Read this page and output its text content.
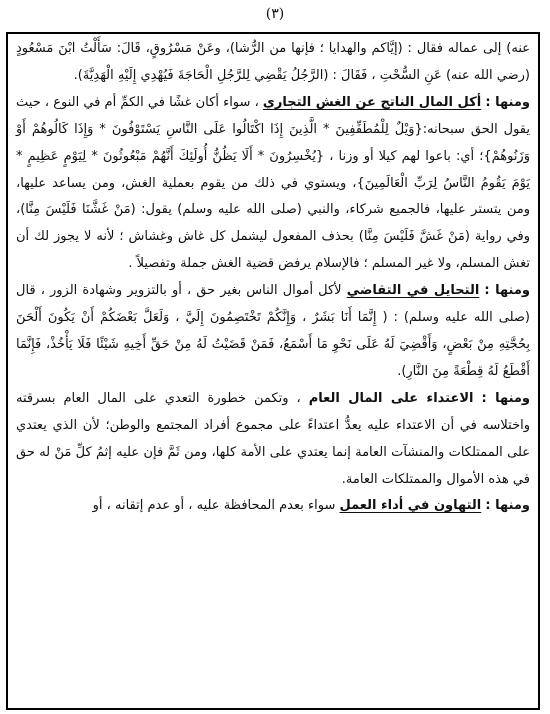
(٣)

عنه) إلى عماله فقال : (إيَّاكم والهدايا ؛ فإنها من الرُّشا)، وعَنْ مَسْرُوقٍ، قَالَ: سَأَلْتُ ابْنَ مَسْعُودٍ (رضي الله عنه) عَنِ السُّحْتِ ، فَقَالَ : (الرَّجُلُ يَقْضِي لِلرَّجُلِ الْحَاجَةَ فَيُهْدِي إِلَيْهِ الْهَدِيَّةَ).

ومنها : أكل المال الناتج عن الغش التجاري ، سواء أكان غشًا في الكمِّ أم في النوع ، حيث يقول الحق سبحانه:{وَيْلٌ لِلْمُطَفِّفِينَ * الَّذِينَ إِذَا اكْتَالُوا عَلَى النَّاسِ يَسْتَوْفُونَ * وَإِذَا كَالُوهُمْ أَوْ وَزَنُوهُمْ}؛ أي: باعوا لهم كيلا أو وزنا ، {يُخْسِرُونَ * أَلَا يَظُنُّ أُولَئِكَ أَنَّهُمْ مَبْعُوثُونَ * لِيَوْمٍ عَظِيمٍ * يَوْمَ يَقُومُ النَّاسُ لِرَبِّ الْعَالَمِينَ}، ويستوي في ذلك من يقوم بعملية الغش، ومن يساعد عليها، ومن يتستر عليها، فالجميع شركاء، والنبي (صلى الله عليه وسلم) يقول: (مَنْ غَشَّنَا فَلَيْسَ مِنَّا)، وفي رواية (مَنْ غَشَّ فَلَيْسَ مِنَّا) بحذف المفعول ليشمل كل غاش وغشاش ؛ لأنه لا يجوز لك أن تغش المسلم، ولا غير المسلم ؛ فالإسلام يرفض قضية الغش جملة وتفصيلاً .

ومنها : التحايل في التقاضي لأكل أموال الناس بغير حق ، أو بالتزوير وشهادة الزور ، قال (صلى الله عليه وسلم) : ( إِنَّمَا أَنَا بَشَرٌ ، وَإِنَّكُمْ تَخْتَصِمُونَ إِلَيَّ ، وَلَعَلَّ بَعْضَكُمْ أَنْ يَكُونَ أَلْحَنَ بِحُجَّتِهِ مِنْ بَعْضٍ، وَأَقْضِيَ لَهُ عَلَى نَحْوِ مَا أَسْمَعُ، فَمَنْ قَضَيْتُ لَهُ مِنْ حَقِّ أَخِيهِ شَيْئًا فَلَا يَأْخُذْ، فَإِنَّمَا أَقْطَعُ لَهُ قِطْعَةً مِنَ النَّارِ).

ومنها : الاعتداء على المال العام ، وتكمن خطورة التعدي على المال العام بسرقته واختلاسه في أن الاعتداء عليه يعدُّ اعتداءً على مجموع أفراد المجتمع والوطن؛ لأن الذي يعتدي على الممتلكات والمنشآت العامة إنما يعتدي على الأمة كلها، ومن ثَمَّ فإن عليه إثمُ كلِّ مَنْ له حق في هذه الأموال والممتلكات العامة.

ومنها : التهاون في أداء العمل سواء بعدم المحافظة عليه ، أو عدم إتقانه ، أو
